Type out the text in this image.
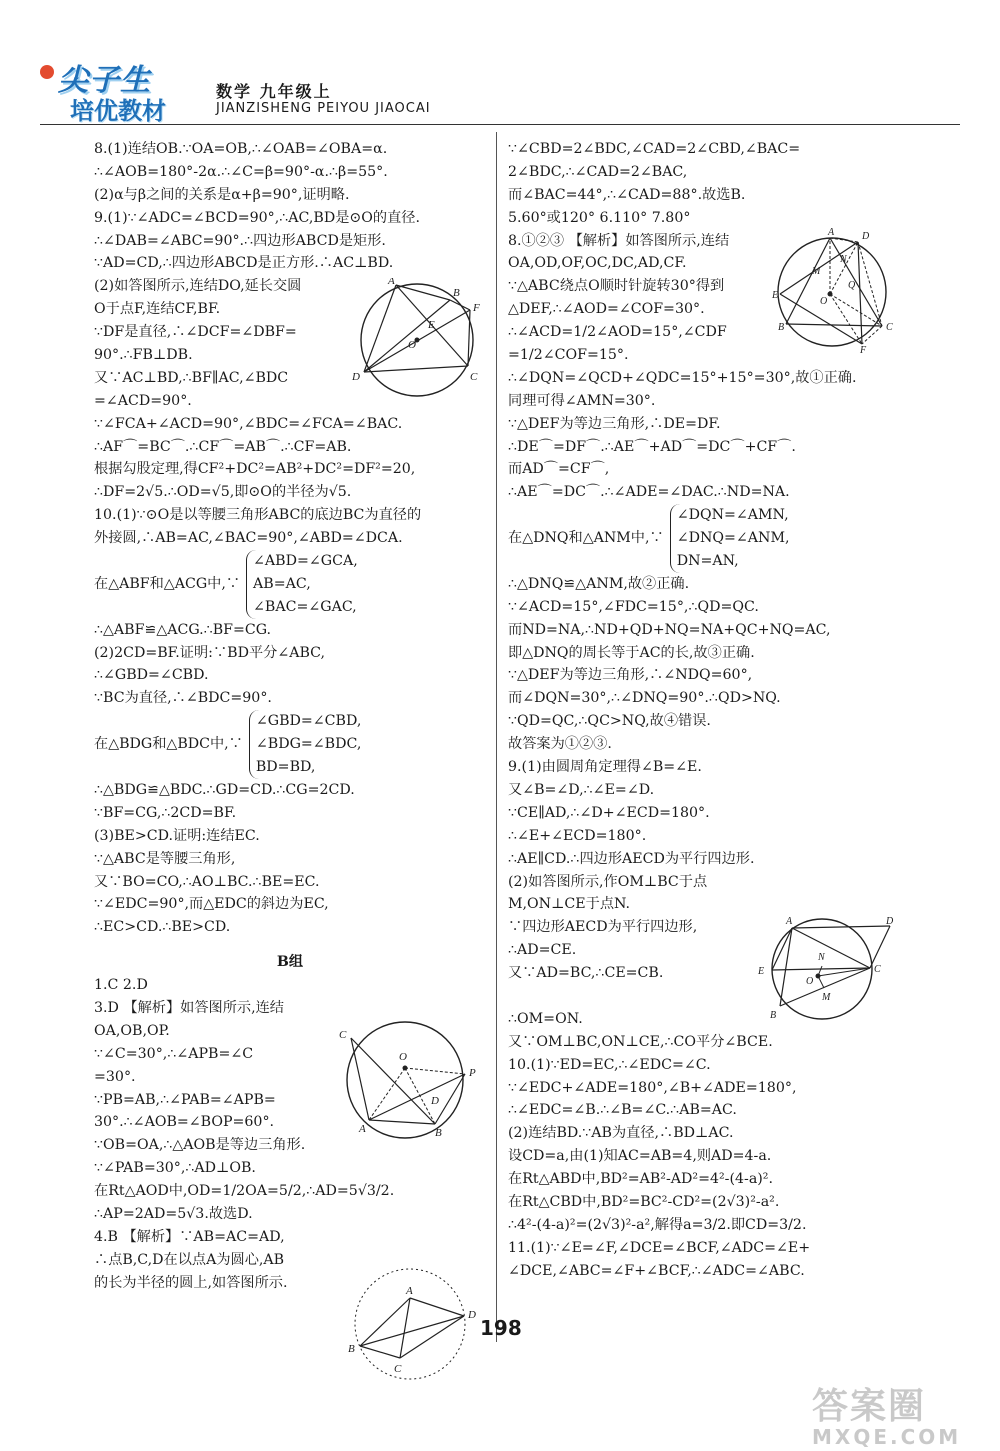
尖子生
培优教材
数学 九年级上
JIANZISHENG PEIYOU JIAOCAI
8.(1)连结OB.∵OA=OB,∴∠OAB=∠OBA=α.
∴∠AOB=180°-2α.∴∠C=β=90°-α.∴β=55°.
(2)α与β之间的关系是α+β=90°,证明略.
9.(1)∵∠ADC=∠BCD=90°,∴AC,BD是⊙O的直径.
∴∠DAB=∠ABC=90°.∴四边形ABCD是矩形.
∵AD=CD,∴四边形ABCD是正方形.∴AC⊥BD.
(2)如答图所示,连结DO,延长交圆
O于点F,连结CF,BF.
∵DF是直径,∴∠DCF=∠DBF=
90°.∴FB⊥DB.
又∵AC⊥BD,∴BF∥AC,∠BDC
=∠ACD=90°.
∵∠FCA+∠ACD=90°,∠BDC=∠FCA=∠BAC.
∴AF⌒=BC⌒.∴CF⌒=AB⌒.∴CF=AB.
根据勾股定理,得CF²+DC²=AB²+DC²=DF²=20,
∴DF=2√5.∴OD=√5,即⊙O的半径为√5.
10.(1)∵⊙O是以等腰三角形ABC的底边BC为直径的
外接圆,∴AB=AC,∠BAC=90°,∠ABD=∠DCA.
在△ABF和△ACG中,∵
∠ABD=∠GCA,
AB=AC,
∠BAC=∠GAC,
∴△ABF≌△ACG.∴BF=CG.
(2)2CD=BF.证明:∵BD平分∠ABC,
∴∠GBD=∠CBD.
∵BC为直径,∴∠BDC=90°.
在△BDG和△BDC中,∵
∠GBD=∠CBD,
∠BDG=∠BDC,
BD=BD,
∴△BDG≌△BDC.∴GD=CD.∴CG=2CD.
∵BF=CG,∴2CD=BF.
(3)BE>CD.证明:连结EC.
∵△ABC是等腰三角形,
又∵BO=CO,∴AO⊥BC.∴BE=EC.
∵∠EDC=90°,而△EDC的斜边为EC,
∴EC>CD.∴BE>CD.
B组
1.C 2.D
3.D 【解析】如答图所示,连结
OA,OB,OP.
∵∠C=30°,∴∠APB=∠C
=30°.
∵PB=AB,∴∠PAB=∠APB=
30°.∴∠AOB=∠BOP=60°.
∵OB=OA,∴△AOB是等边三角形.
∵∠PAB=30°,∴AD⊥OB.
在Rt△AOD中,OD=1/2OA=5/2,∴AD=5√3/2.
∴AP=2AD=5√3.故选D.
4.B 【解析】∵AB=AC=AD,
∴点B,C,D在以点A为圆心,AB
的长为半径的圆上,如答图所示.
∵∠CBD=2∠BDC,∠CAD=2∠CBD,∠BAC=
2∠BDC,∴∠CAD=2∠BAC,
而∠BAC=44°,∴∠CAD=88°.故选B.
5.60°或120° 6.110° 7.80°
8.①②③ 【解析】如答图所示,连结
OA,OD,OF,OC,DC,AD,CF.
∵△ABC绕点O顺时针旋转30°得到
△DEF,∴∠AOD=∠COF=30°.
∴∠ACD=1/2∠AOD=15°,∠CDF
=1/2∠COF=15°.
∴∠DQN=∠QCD+∠QDC=15°+15°=30°,故①正确.
同理可得∠AMN=30°.
∵△DEF为等边三角形,∴DE=DF.
∴DE⌒=DF⌒.∴AE⌒+AD⌒=DC⌒+CF⌒.
而AD⌒=CF⌒,
∴AE⌒=DC⌒.∴∠ADE=∠DAC.∴ND=NA.
在△DNQ和△ANM中,∵
∠DQN=∠AMN,
∠DNQ=∠ANM,
DN=AN,
∴△DNQ≌△ANM,故②正确.
∵∠ACD=15°,∠FDC=15°,∴QD=QC.
而ND=NA,∴ND+QD+NQ=NA+QC+NQ=AC,
即△DNQ的周长等于AC的长,故③正确.
∵△DEF为等边三角形,∴∠NDQ=60°,
而∠DQN=30°,∴∠DNQ=90°.∴QD>NQ.
∵QD=QC,∴QC>NQ,故④错误.
故答案为①②③.
9.(1)由圆周角定理得∠B=∠E.
又∠B=∠D,∴∠E=∠D.
∵CE∥AD,∴∠D+∠ECD=180°.
∴∠E+∠ECD=180°.
∴AE∥CD.∴四边形AECD为平行四边形.
(2)如答图所示,作OM⊥BC于点
M,ON⊥CE于点N.
∵四边形AECD为平行四边形,
∴AD=CE.
又∵AD=BC,∴CE=CB.
∴OM=ON.
又∵OM⊥BC,ON⊥CE,∴CO平分∠BCE.
10.(1)∵ED=EC,∴∠EDC=∠C.
∵∠EDC+∠ADE=180°,∠B+∠ADE=180°,
∴∠EDC=∠B.∴∠B=∠C.∴AB=AC.
(2)连结BD.∵AB为直径,∴BD⊥AC.
设CD=a,由(1)知AC=AB=4,则AD=4-a.
在Rt△ABD中,BD²=AB²-AD²=4²-(4-a)².
在Rt△CBD中,BD²=BC²-CD²=(2√3)²-a².
∴4²-(4-a)²=(2√3)²-a²,解得a=3/2.即CD=3/2.
11.(1)∵∠E=∠F,∠DCE=∠BCF,∠ADC=∠E+
∠DCE,∠ABC=∠F+∠BCF,∴∠ADC=∠ABC.
A
B
F
E
O
D	C
C
O
P
D
A	B
A
D
B
C
A	D
M
N
Q
E
O
B	C
F
A	D
E
N
C
O
M
B
198
答案圈
MXQE.COM
